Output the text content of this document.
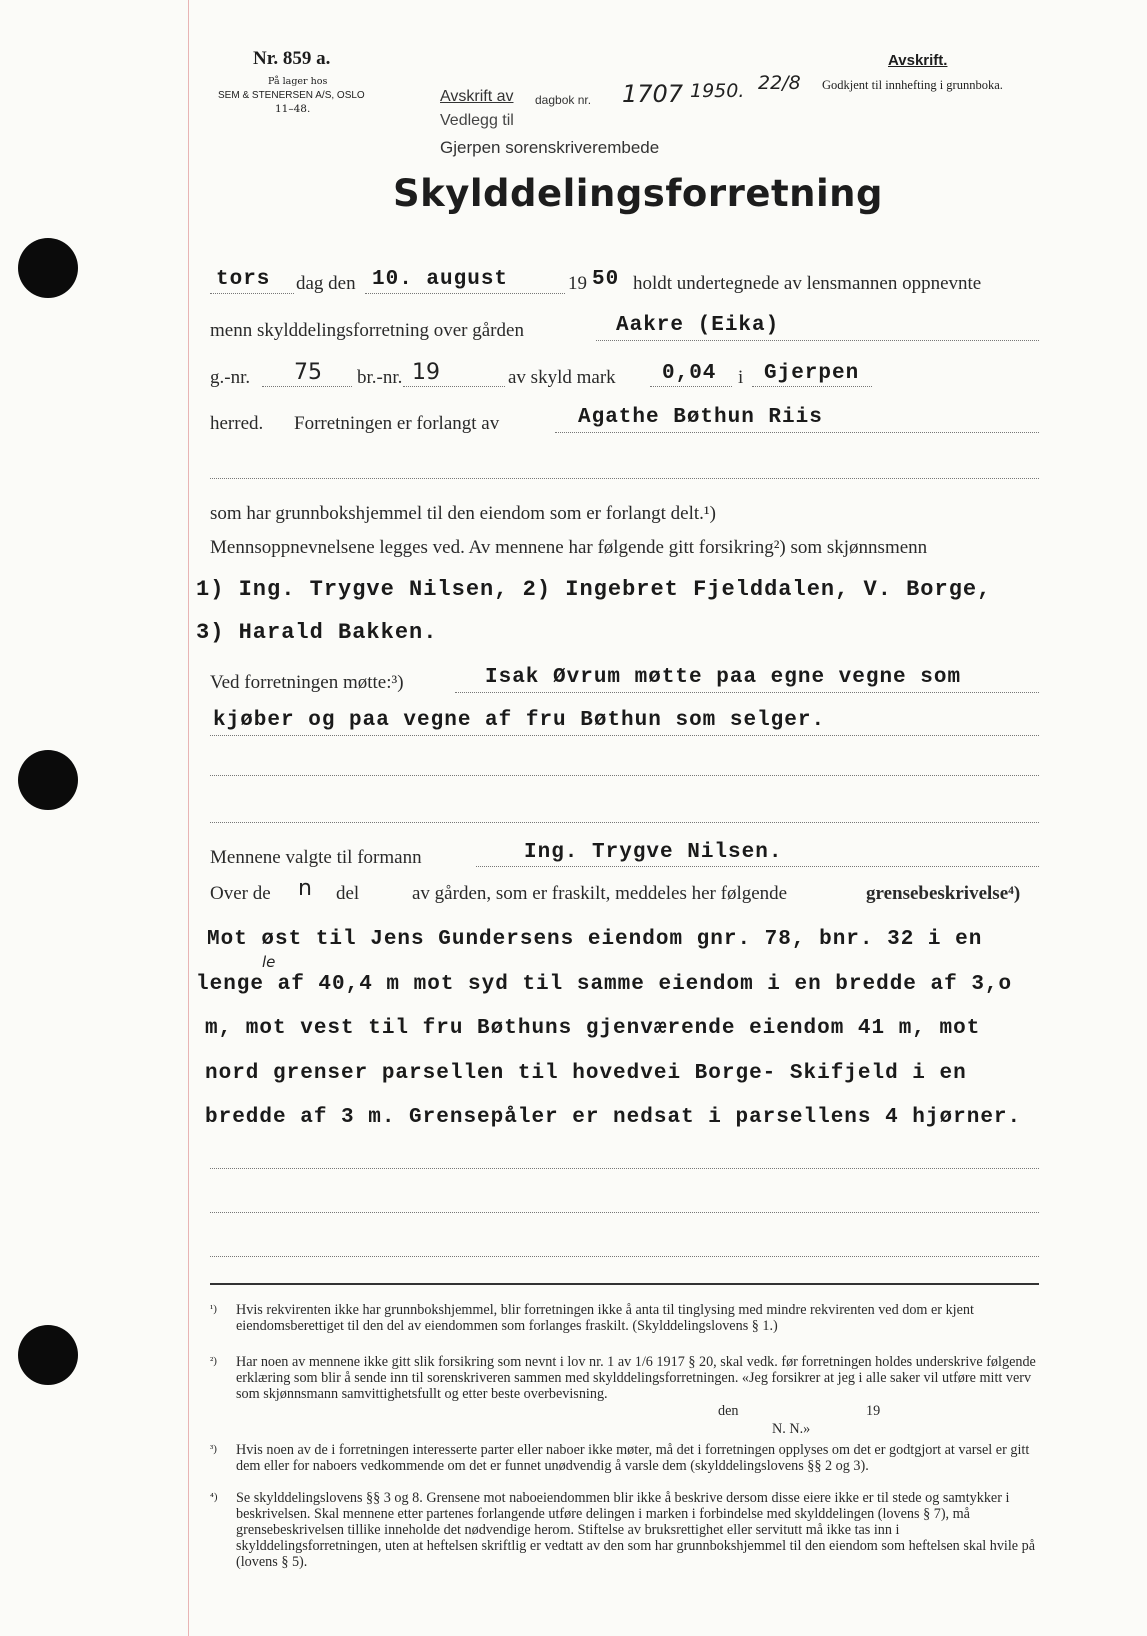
Nr. 859 a.
På lager hos
SEM & STENERSEN A/S, OSLO
11–48.
Avskrift.
Godkjent til innhefting i grunnboka.
Avskrift av dagbok nr. 1707 1950. 22/8
Vedlegg til
Gjerpen sorenskriverembede
Skylddelingsforretning
tors dag den 10. august	19 50 holdt undertegnede av lensmannen oppnevnte
menn skylddelingsforretning over gården	Aakre (Eika)
g.-nr. 75 br.-nr. 19	av skyld mark 0,04 i Gjerpen
herred. Forretningen er forlangt av	Agathe Bøthun Riis
som har grunnbokshjemmel til den eiendom som er forlangt delt.¹)
Mennsoppnevnelsene legges ved. Av mennene har følgende gitt forsikring²) som skjønnsmenn
1) Ing. Trygve Nilsen, 2) Ingebret Fjelddalen, V. Borge,
3) Harald Bakken.
Ved forretningen møtte:³)	Isak Øvrum møtte paa egne vegne som
kjøber og paa vegne af fru Bøthun som selger.
Mennene valgte til formann	Ing. Trygve Nilsen.
Over de n del	av gården, som er fraskilt, meddeles her følgende	grensebeskrivelse⁴)
le
Mot øst til Jens Gundersens eiendom gnr. 78, bnr. 32 i en
lenge af 40,4 m mot syd til samme eiendom i en bredde af 3,o
m, mot vest til fru Bøthuns gjenværende eiendom 41 m, mot
nord grenser parsellen til hovedvei Borge- Skifjeld i en
bredde af 3 m. Grensepåler er nedsat i parsellens 4 hjørner.
¹) Hvis rekvirenten ikke har grunnbokshjemmel, blir forretningen ikke å anta til tinglysing med mindre rekvirenten ved dom er kjent eiendomsberettiget til den del av eiendommen som forlanges fraskilt. (Skylddelingslovens § 1.)
²) Har noen av mennene ikke gitt slik forsikring som nevnt i lov nr. 1 av 1/6 1917 § 20, skal vedk. før forretningen holdes underskrive følgende erklæring som blir å sende inn til sorenskriveren sammen med skylddelingsforretningen. «Jeg forsikrer at jeg i alle saker vil utføre mitt verv som skjønnsmann samvittighetsfullt og etter beste overbevisning.
den	19
N. N.»
³) Hvis noen av de i forretningen interesserte parter eller naboer ikke møter, må det i forretningen opplyses om det er godtgjort at varsel er gitt dem eller for naboers vedkommende om det er funnet unødvendig å varsle dem (skylddelingslovens §§ 2 og 3).
⁴) Se skylddelingslovens §§ 3 og 8. Grensene mot naboeiendommen blir ikke å beskrive dersom disse eiere ikke er til stede og samtykker i beskrivelsen. Skal mennene etter partenes forlangende utføre delingen i marken i forbindelse med skylddelingen (lovens § 7), må grensebeskrivelsen tillike inneholde det nødvendige herom. Stiftelse av bruksrettighet eller servitutt må ikke tas inn i skylddelingsforretningen, uten at heftelsen skriftlig er vedtatt av den som har grunnbokshjemmel til den eiendom som heftelsen skal hvile på (lovens § 5).
